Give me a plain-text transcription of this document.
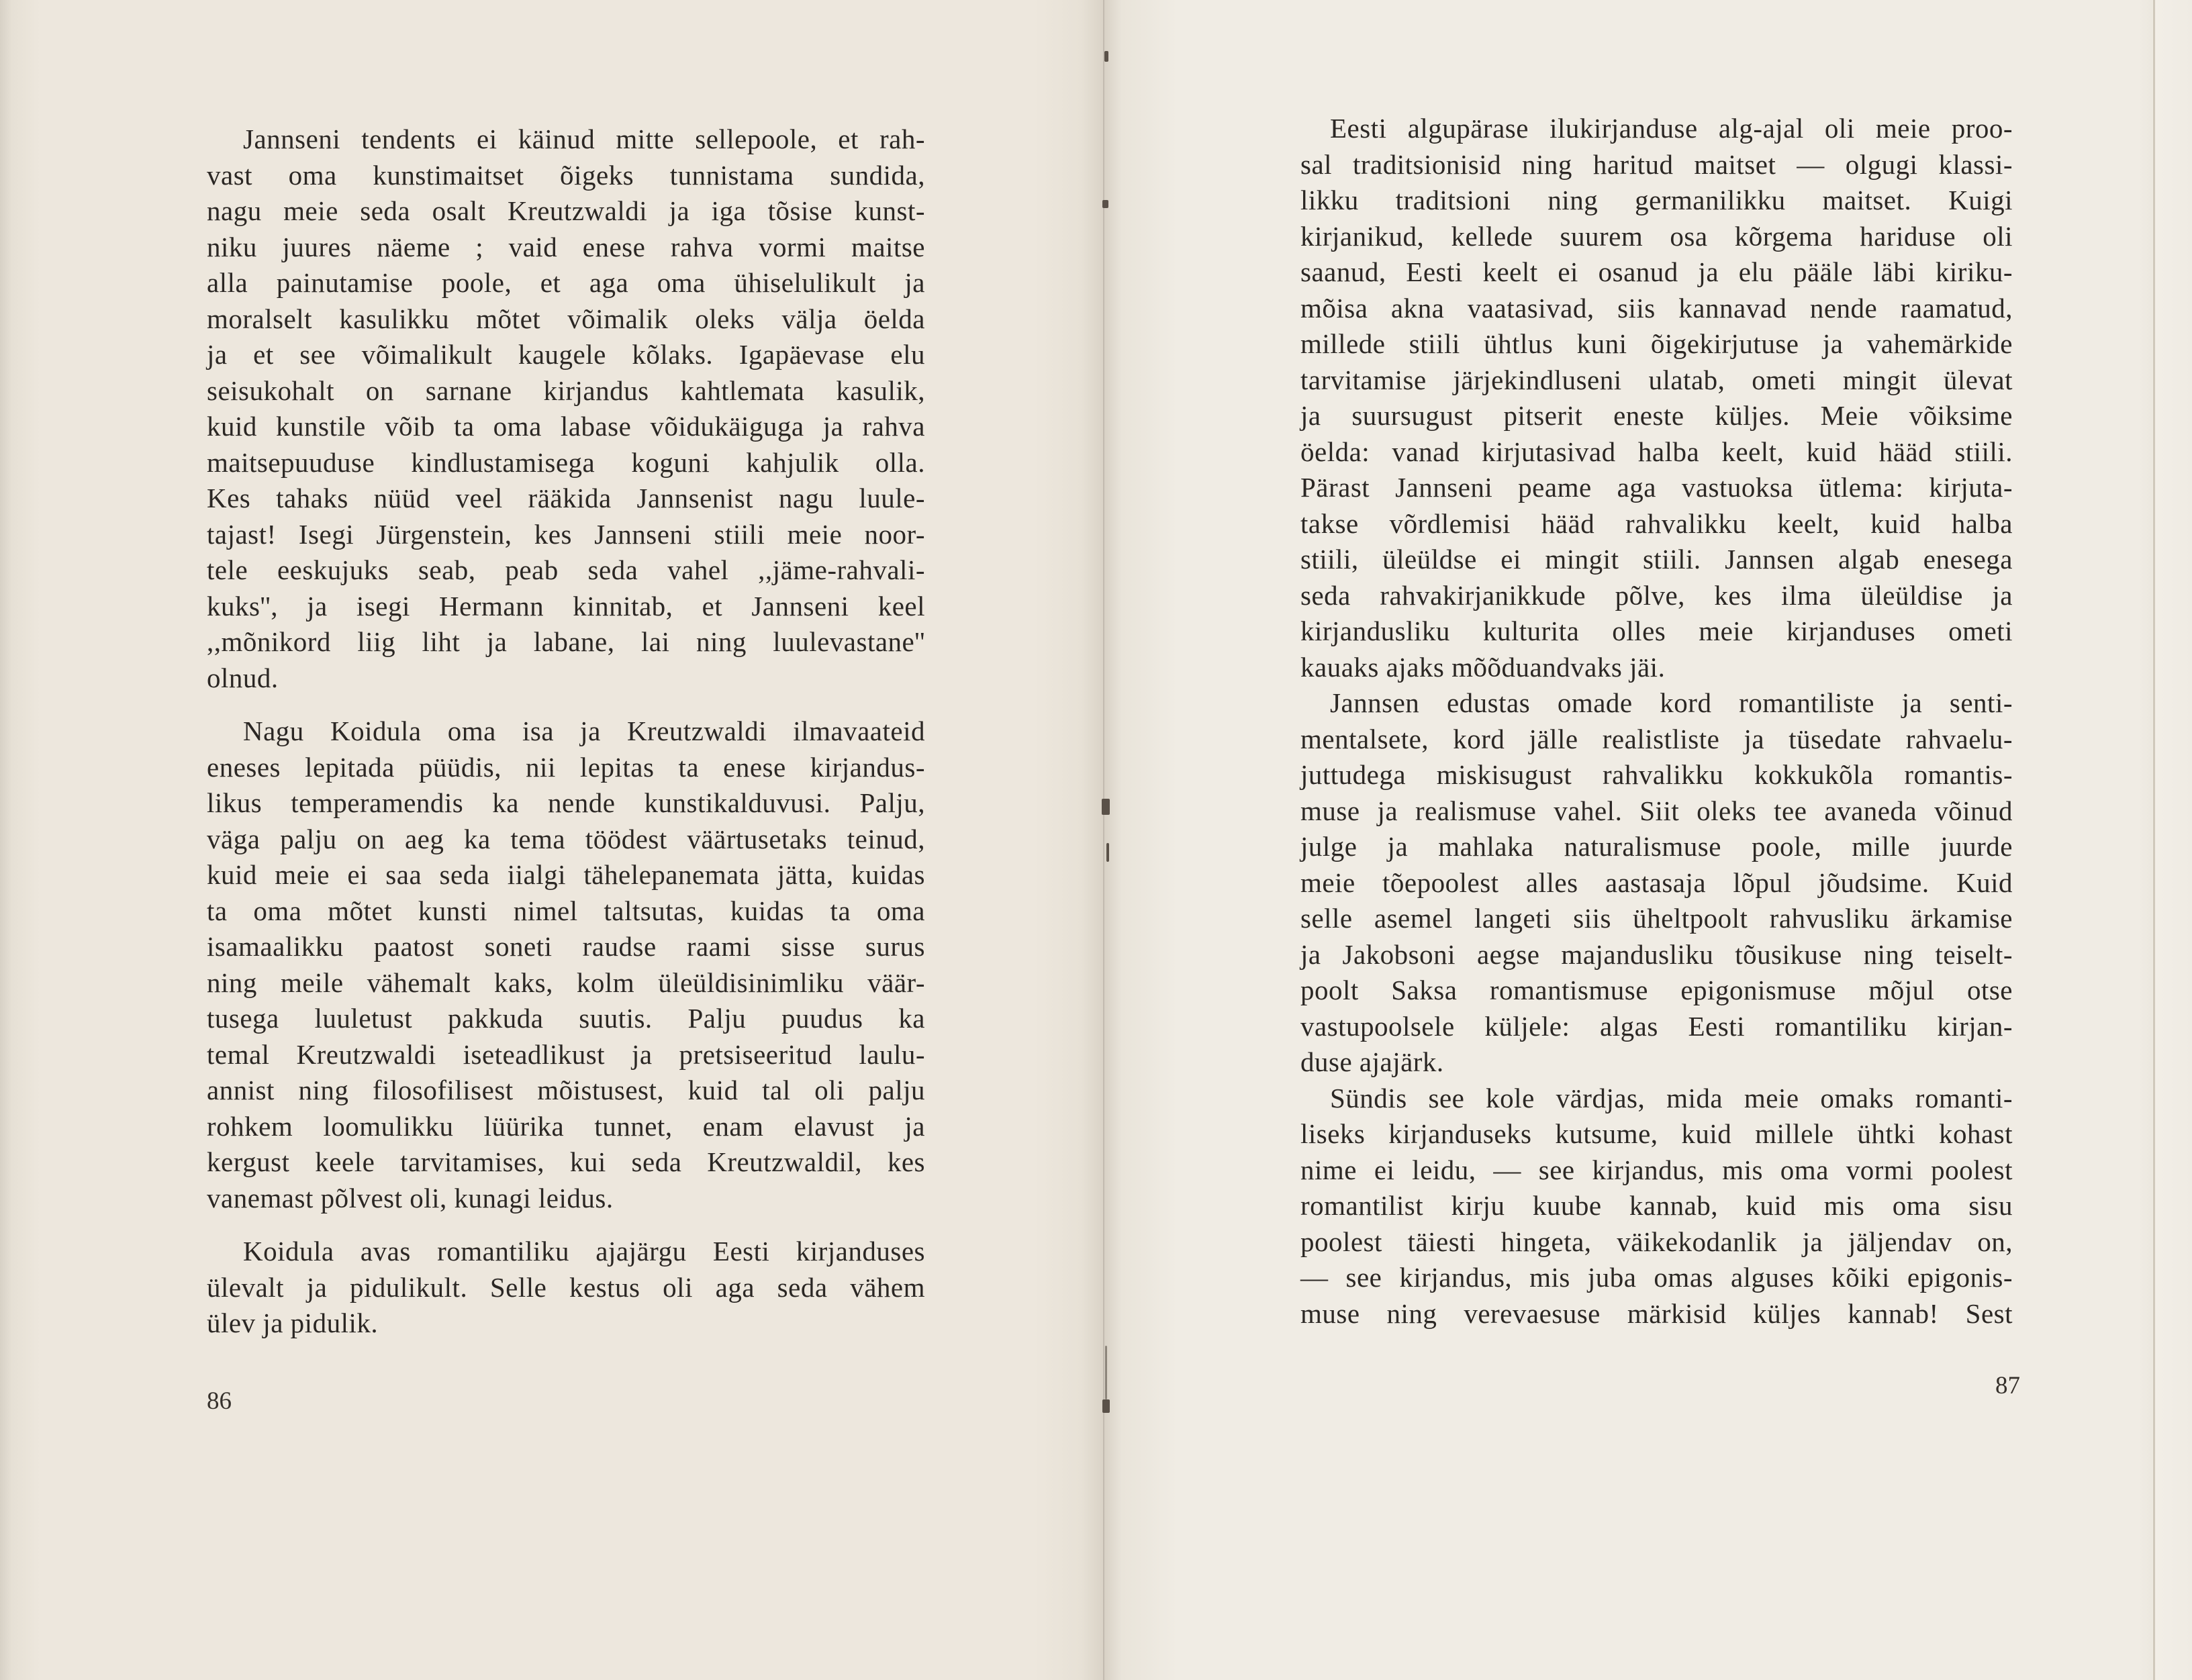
Jannseni tendents ei käinud mitte sellepoole, et rah-
vast oma kunstimaitset õigeks tunnistama sundida,
nagu meie seda osalt Kreutzwaldi ja iga tõsise kunst-
niku juures näeme ; vaid enese rahva vormi maitse
alla painutamise poole, et aga oma ühiselulikult ja
moralselt kasulikku mõtet võimalik oleks välja öelda
ja et see võimalikult kaugele kõlaks. Igapäevase elu
seisukohalt on sarnane kirjandus kahtlemata kasulik,
kuid kunstile võib ta oma labase võidukäiguga ja rahva
maitsepuuduse kindlustamisega koguni kahjulik olla.
Kes tahaks nüüd veel rääkida Jannsenist nagu luule-
tajast! Isegi Jürgenstein, kes Jannseni stiili meie noor-
tele eeskujuks seab, peab seda vahel ,,jäme-rahvali-
kuks'', ja isegi Hermann kinnitab, et Jannseni keel
,,mõnikord liig liht ja labane, lai ning luulevastane''
olnud.
Nagu Koidula oma isa ja Kreutzwaldi ilmavaateid
eneses lepitada püüdis, nii lepitas ta enese kirjandus-
likus temperamendis ka nende kunstikalduvusi. Palju,
väga palju on aeg ka tema töödest väärtusetaks teinud,
kuid meie ei saa seda iialgi tähelepanemata jätta, kuidas
ta oma mõtet kunsti nimel taltsutas, kuidas ta oma
isamaalikku paatost soneti raudse raami sisse surus
ning meile vähemalt kaks, kolm üleüldisinimliku väär-
tusega luuletust pakkuda suutis. Palju puudus ka
temal Kreutzwaldi iseteadlikust ja pretsiseeritud laulu-
annist ning filosofilisest mõistusest, kuid tal oli palju
rohkem loomulikku lüürika tunnet, enam elavust ja
kergust keele tarvitamises, kui seda Kreutzwaldil, kes
vanemast põlvest oli, kunagi leidus.
Koidula avas romantiliku ajajärgu Eesti kirjanduses
ülevalt ja pidulikult. Selle kestus oli aga seda vähem
ülev ja pidulik.
86
Eesti algupärase ilukirjanduse alg-ajal oli meie proo-
sal traditsionisid ning haritud maitset — olgugi klassi-
likku traditsioni ning germanilikku maitset. Kuigi
kirjanikud, kellede suurem osa kõrgema hariduse oli
saanud, Eesti keelt ei osanud ja elu pääle läbi kiriku-
mõisa akna vaatasivad, siis kannavad nende raamatud,
millede stiili ühtlus kuni õigekirjutuse ja vahemärkide
tarvitamise järjekindluseni ulatab, ometi mingit ülevat
ja suursugust pitserit eneste küljes. Meie võiksime
öelda: vanad kirjutasivad halba keelt, kuid hääd stiili.
Pärast Jannseni peame aga vastuoksa ütlema: kirjuta-
takse võrdlemisi hääd rahvalikku keelt, kuid halba
stiili, üleüldse ei mingit stiili. Jannsen algab enesega
seda rahvakirjanikkude põlve, kes ilma üleüldise ja
kirjandusliku kulturita olles meie kirjanduses ometi
kauaks ajaks mõõduandvaks jäi.
Jannsen edustas omade kord romantiliste ja senti-
mentalsete, kord jälle realistliste ja tüsedate rahvaelu-
juttudega miskisugust rahvalikku kokkukõla romantis-
muse ja realismuse vahel. Siit oleks tee avaneda võinud
julge ja mahlaka naturalismuse poole, mille juurde
meie tõepoolest alles aastasaja lõpul jõudsime. Kuid
selle asemel langeti siis üheltpoolt rahvusliku ärkamise
ja Jakobsoni aegse majandusliku tõusikuse ning teiselt-
poolt Saksa romantismuse epigonismuse mõjul otse
vastupoolsele küljele: algas Eesti romantiliku kirjan-
duse ajajärk.
Sündis see kole värdjas, mida meie omaks romanti-
liseks kirjanduseks kutsume, kuid millele ühtki kohast
nime ei leidu, — see kirjandus, mis oma vormi poolest
romantilist kirju kuube kannab, kuid mis oma sisu
poolest täiesti hingeta, väikekodanlik ja jäljendav on,
— see kirjandus, mis juba omas alguses kõiki epigonis-
muse ning verevaesuse märkisid küljes kannab! Sest
87
